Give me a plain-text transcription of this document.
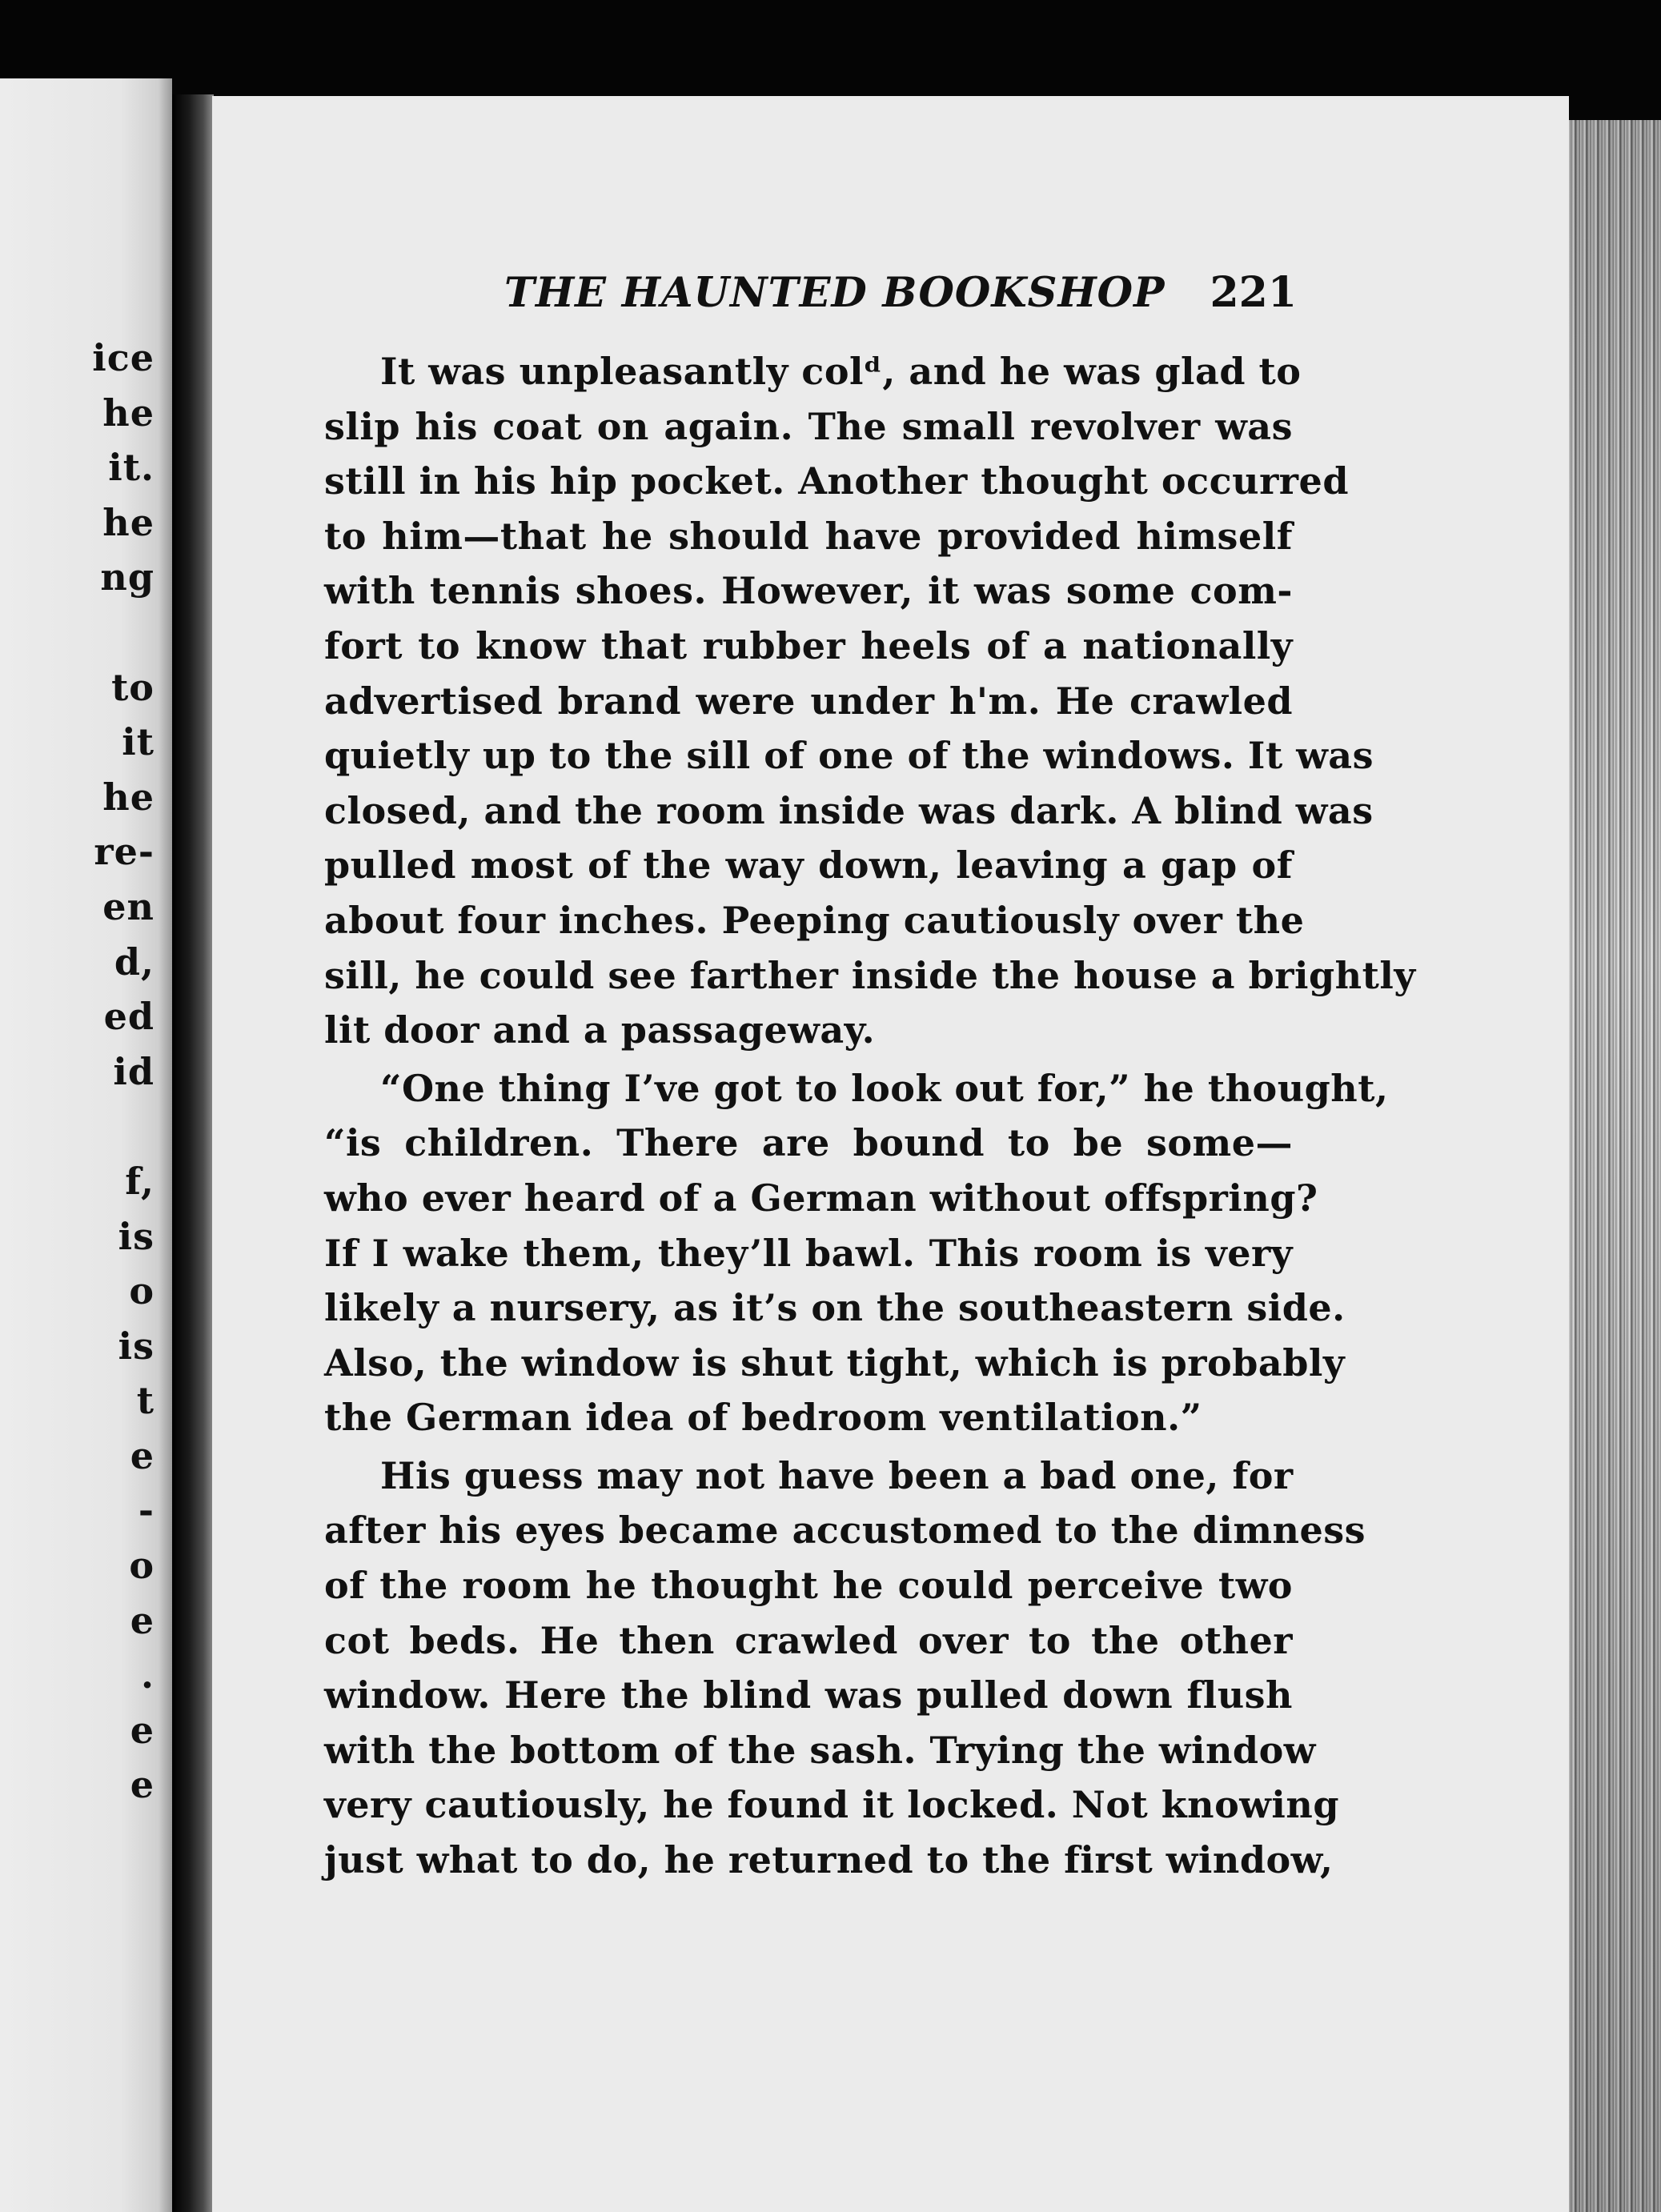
ice
he
it.
he
ng
to
it
he
re-
en
d,
ed
id
f,
is
o
is
t
e
-
o
e
.
e
e
THE HAUNTED BOOKSHOP 221
It was unpleasantly colᵈ, and he was glad to
slip his coat on again. The small revolver was
still in his hip pocket. Another thought occurred
to him—that he should have provided himself
with tennis shoes. However, it was some com-
fort to know that rubber heels of a nationally
advertised brand were under h'm. He crawled
quietly up to the sill of one of the windows. It was
closed, and the room inside was dark. A blind was
pulled most of the way down, leaving a gap of
about four inches. Peeping cautiously over the
sill, he could see farther inside the house a brightly
lit door and a passageway.
“One thing I’ve got to look out for,” he thought,
“is children. There are bound to be some—
who ever heard of a German without offspring?
If I wake them, they’ll bawl. This room is very
likely a nursery, as it’s on the southeastern side.
Also, the window is shut tight, which is probably
the German idea of bedroom ventilation.”
His guess may not have been a bad one, for
after his eyes became accustomed to the dimness
of the room he thought he could perceive two
cot beds. He then crawled over to the other
window. Here the blind was pulled down flush
with the bottom of the sash. Trying the window
very cautiously, he found it locked. Not knowing
just what to do, he returned to the first window,
